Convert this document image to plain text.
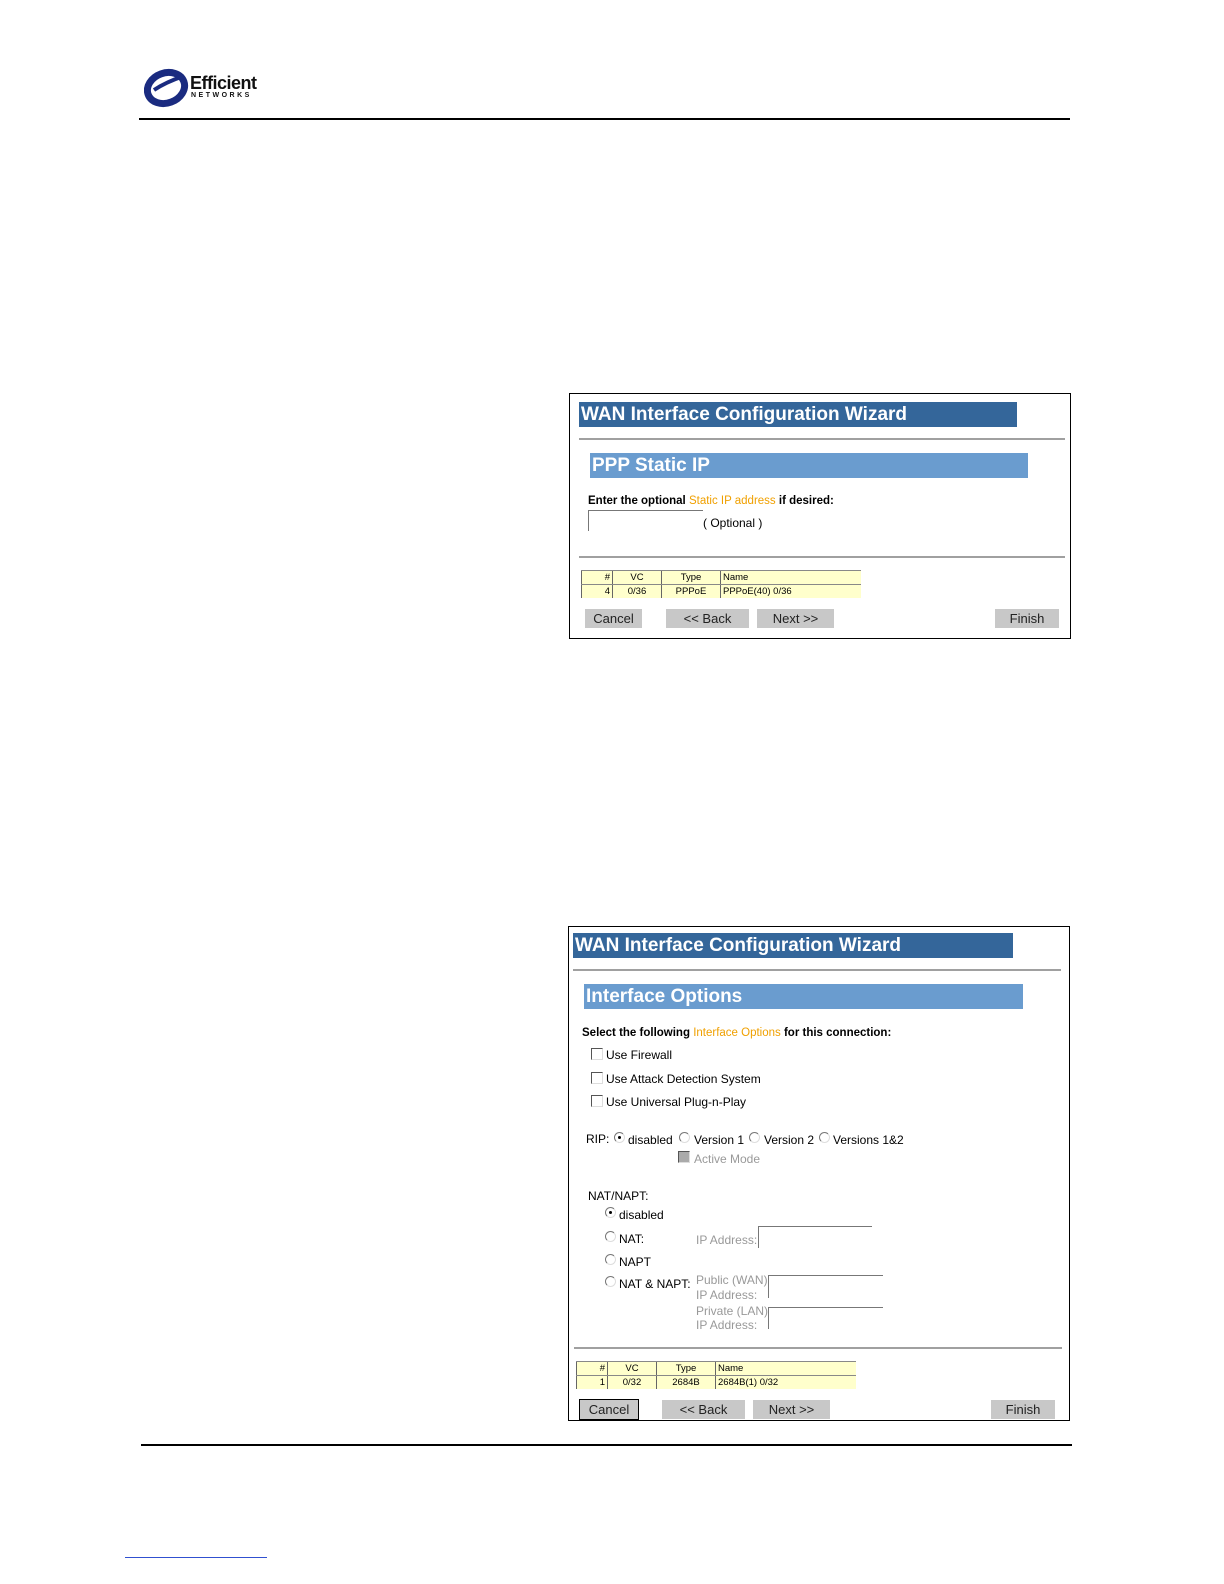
Efficient
NETWORKS
WAN Interface Configuration Wizard
PPP Static IP
Enter the optional Static IP address if desired:
( Optional )
#	VC	Type	Name
4	0/36	PPPoE	PPPoE(40) 0/36
Cancel	<< Back	Next >>	Finish
WAN Interface Configuration Wizard
Interface Options
Select the following Interface Options for this connection:
Use Firewall
Use Attack Detection System
Use Universal Plug-n-Play
RIP: disabled Version 1 Version 2 Versions 1&2
Active Mode
NAT/NAPT:
disabled
NAT:
NAPT
NAT & NAPT:
IP Address:
Public (WAN)
IP Address:
Private (LAN)
IP Address:
#	VC	Type	Name
1	0/32	2684B	2684B(1) 0/32
Cancel	<< Back	Next >>	Finish
